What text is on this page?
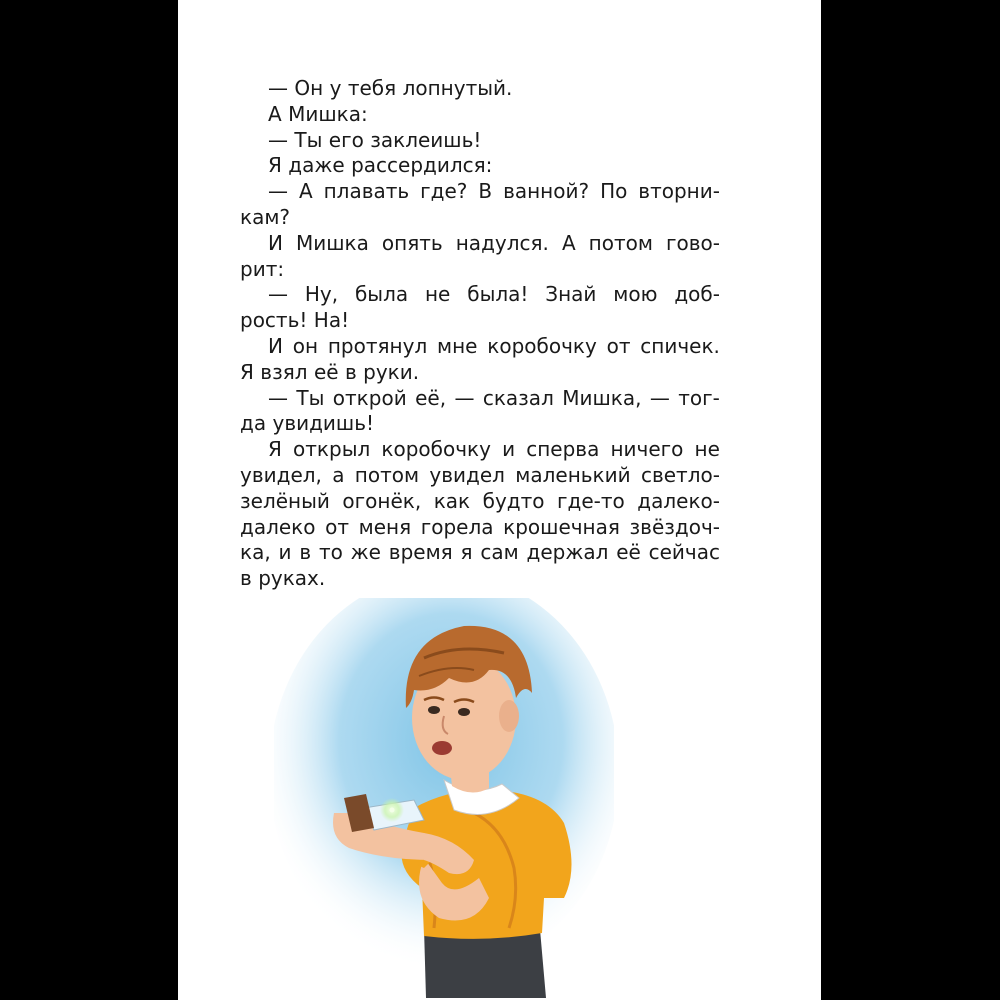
— Он у тебя лопнутый.
А Мишка:
— Ты его заклеишь!
Я даже рассердился:
— А плавать где? В ванной? По вторни-
кам?
И Мишка опять надулся. А потом гово-
рит:
— Ну, была не была! Знай мою доб-
рость! На!
И он протянул мне коробочку от спичек.
Я взял её в руки.
— Ты открой её, — сказал Мишка, — тог-
да увидишь!
Я открыл коробочку и сперва ничего не
увидел, а потом увидел маленький светло-
зелёный огонёк, как будто где-то далеко-
далеко от меня горела крошечная звёздоч-
ка, и в то же время я сам держал её сейчас
в руках.
